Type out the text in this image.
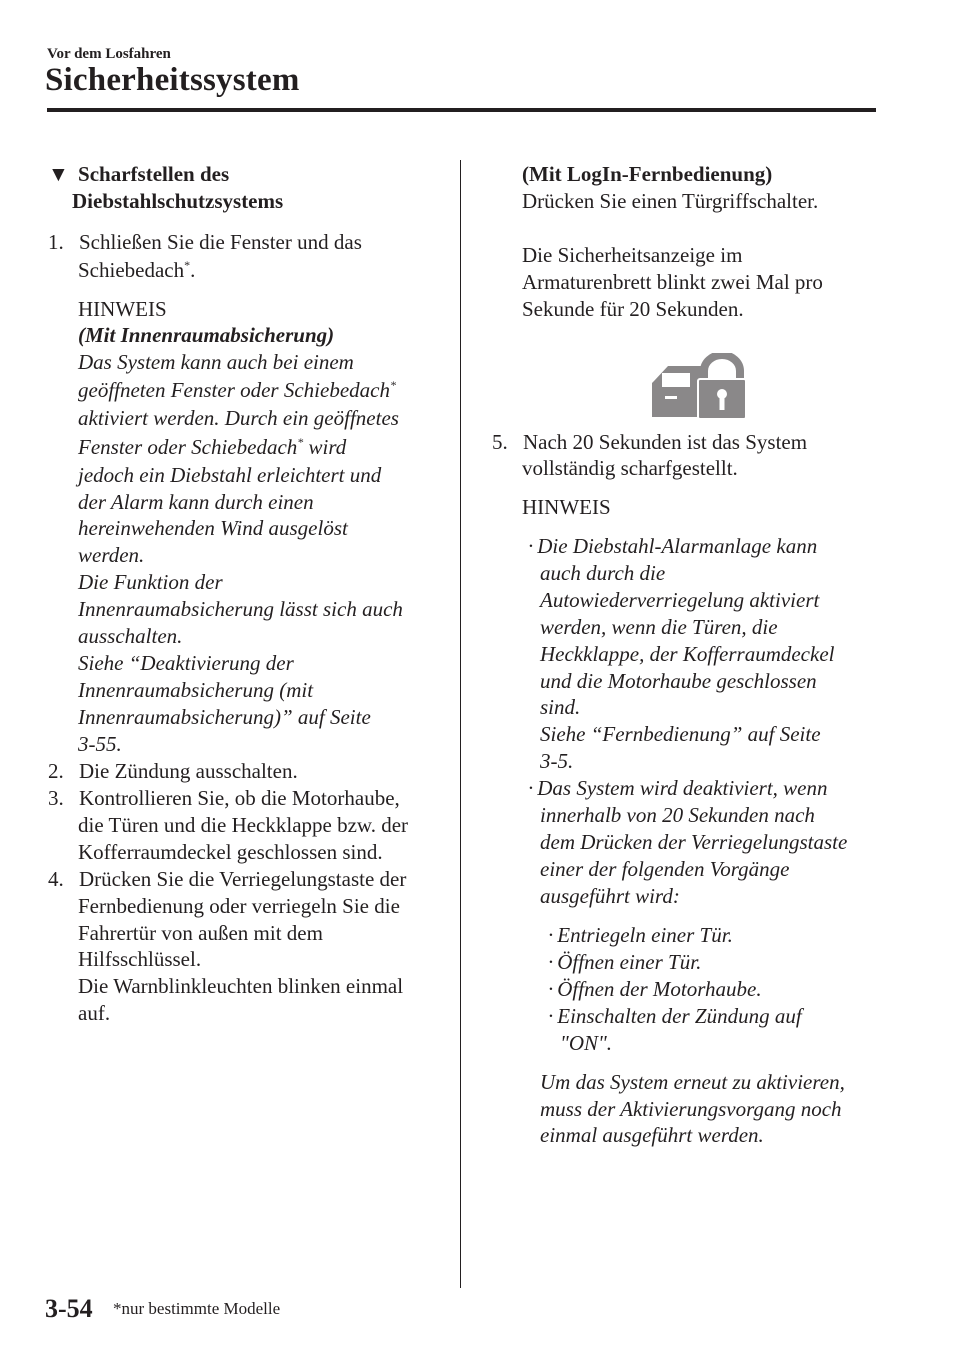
Vor dem Losfahren
Sicherheitssystem
▼ Scharfstellen des
Diebstahlschutzsystems
1. Schließen Sie die Fenster und das
Schiebedach*.
HINWEIS
(Mit Innenraumabsicherung)
Das System kann auch bei einem
geöffneten Fenster oder Schiebedach*
aktiviert werden. Durch ein geöffnetes
Fenster oder Schiebedach* wird
jedoch ein Diebstahl erleichtert und
der Alarm kann durch einen
hereinwehenden Wind ausgelöst
werden.
Die Funktion der
Innenraumabsicherung lässt sich auch
ausschalten.
Siehe “Deaktivierung der
Innenraumabsicherung (mit
Innenraumabsicherung)” auf Seite
3-55.
2. Die Zündung ausschalten.
3. Kontrollieren Sie, ob die Motorhaube,
die Türen und die Heckklappe bzw. der
Kofferraumdeckel geschlossen sind.
4. Drücken Sie die Verriegelungstaste der
Fernbedienung oder verriegeln Sie die
Fahrertür von außen mit dem
Hilfsschlüssel.
Die Warnblinkleuchten blinken einmal
auf.
(Mit LogIn-Fernbedienung)
Drücken Sie einen Türgriffschalter.
Die Sicherheitsanzeige im
Armaturenbrett blinkt zwei Mal pro
Sekunde für 20 Sekunden.
5. Nach 20 Sekunden ist das System
vollständig scharfgestellt.
HINWEIS
· Die Diebstahl-Alarmanlage kann
auch durch die
Autowiederverriegelung aktiviert
werden, wenn die Türen, die
Heckklappe, der Kofferraumdeckel
und die Motorhaube geschlossen
sind.
Siehe “Fernbedienung” auf Seite
3-5.
· Das System wird deaktiviert, wenn
innerhalb von 20 Sekunden nach
dem Drücken der Verriegelungstaste
einer der folgenden Vorgänge
ausgeführt wird:
· Entriegeln einer Tür.
· Öffnen einer Tür.
· Öffnen der Motorhaube.
· Einschalten der Zündung auf
"ON".
Um das System erneut zu aktivieren,
muss der Aktivierungsvorgang noch
einmal ausgeführt werden.
3-54 *nur bestimmte Modelle
